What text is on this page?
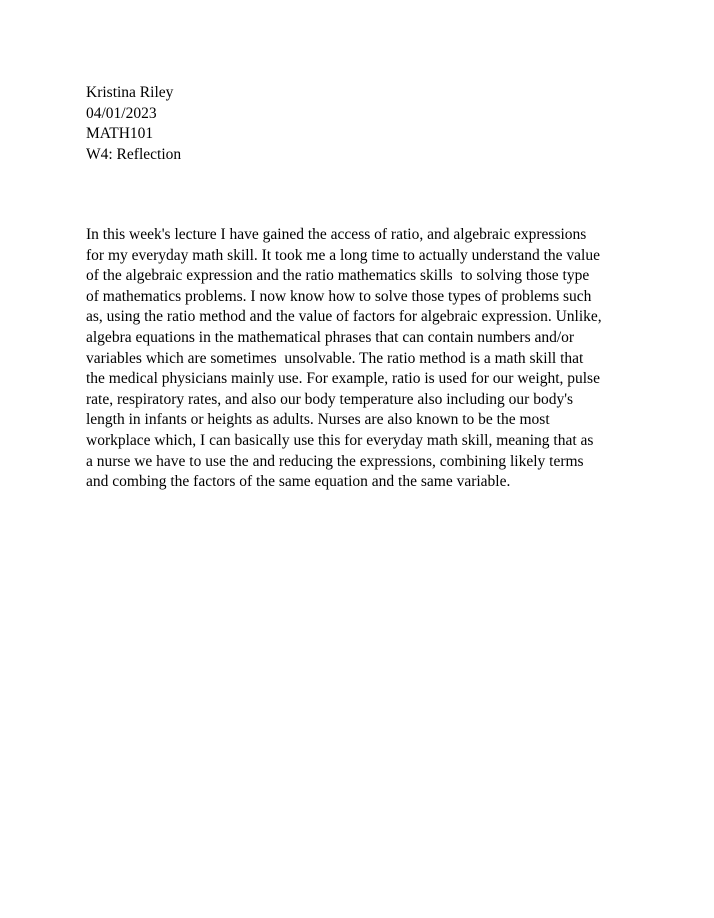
Kristina Riley
04/01/2023
MATH101
W4: Reflection
In this week's lecture I have gained the access of ratio, and algebraic expressions
for my everyday math skill. It took me a long time to actually understand the value
of the algebraic expression and the ratio mathematics skills  to solving those type
of mathematics problems. I now know how to solve those types of problems such
as, using the ratio method and the value of factors for algebraic expression. Unlike,
algebra equations in the mathematical phrases that can contain numbers and/or
variables which are sometimes  unsolvable. The ratio method is a math skill that
the medical physicians mainly use. For example, ratio is used for our weight, pulse
rate, respiratory rates, and also our body temperature also including our body's
length in infants or heights as adults. Nurses are also known to be the most
workplace which, I can basically use this for everyday math skill, meaning that as
a nurse we have to use the and reducing the expressions, combining likely terms
and combing the factors of the same equation and the same variable.
